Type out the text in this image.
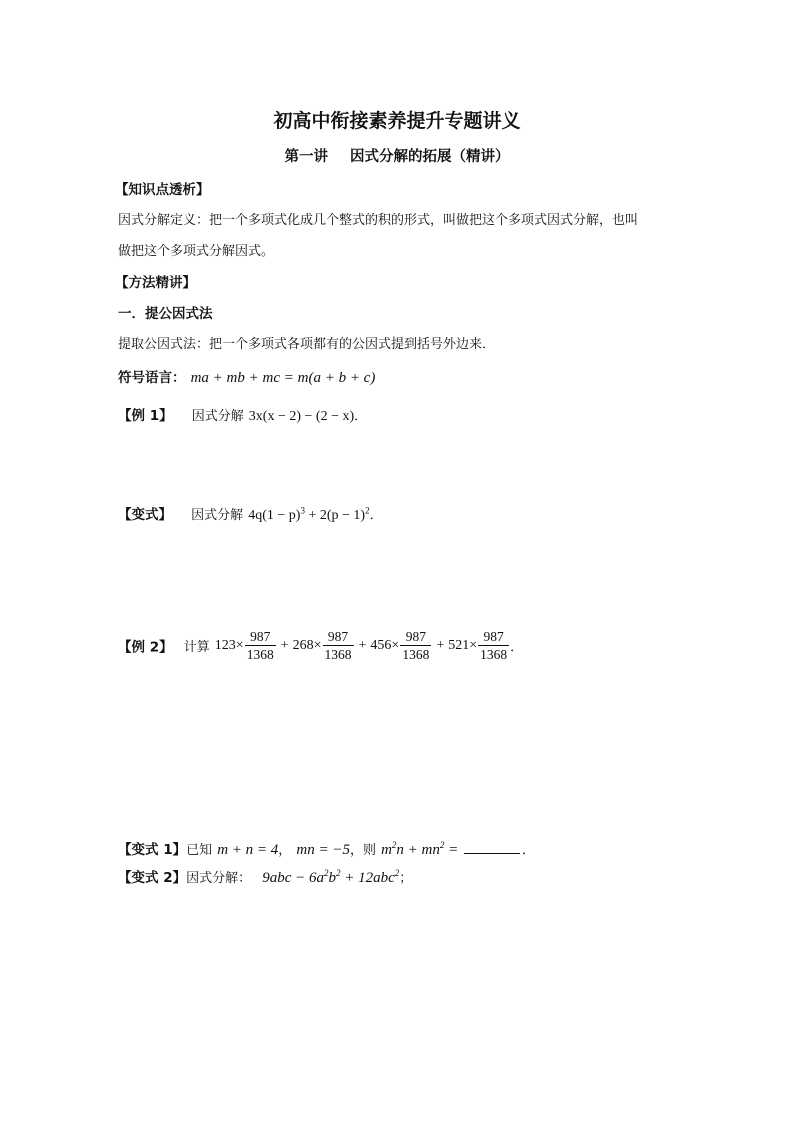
初高中衔接素养提升专题讲义
第一讲 因式分解的拓展（精讲）
【知识点透析】
因式分解定义：把一个多项式化成几个整式的积的形式，叫做把这个多项式因式分解，也叫
做把这个多项式分解因式。
【方法精讲】
一．提公因式法
提取公因式法：把一个多项式各项都有的公因式提到括号外边来．
符号语言： ma + mb + mc = m(a + b + c)
【例 1】 因式分解 3x(x − 2) − (2 − x)．
【变式】 因式分解 $4q(1 - p)^3 + 2(p - 1)^2$．
【例 2】 计算 $123\times \frac{987}{1368} + 268\times \frac{987}{1368} + 456\times \frac{987}{1368} + 521\times \frac{987}{1368}$ ．
【变式 1】已知 m + n = 4， mn = −5，则 $m^2n + mn^2$ =	．
【变式 2】因式分解： $9abc - 6a^2b^2 + 12abc^2$；
